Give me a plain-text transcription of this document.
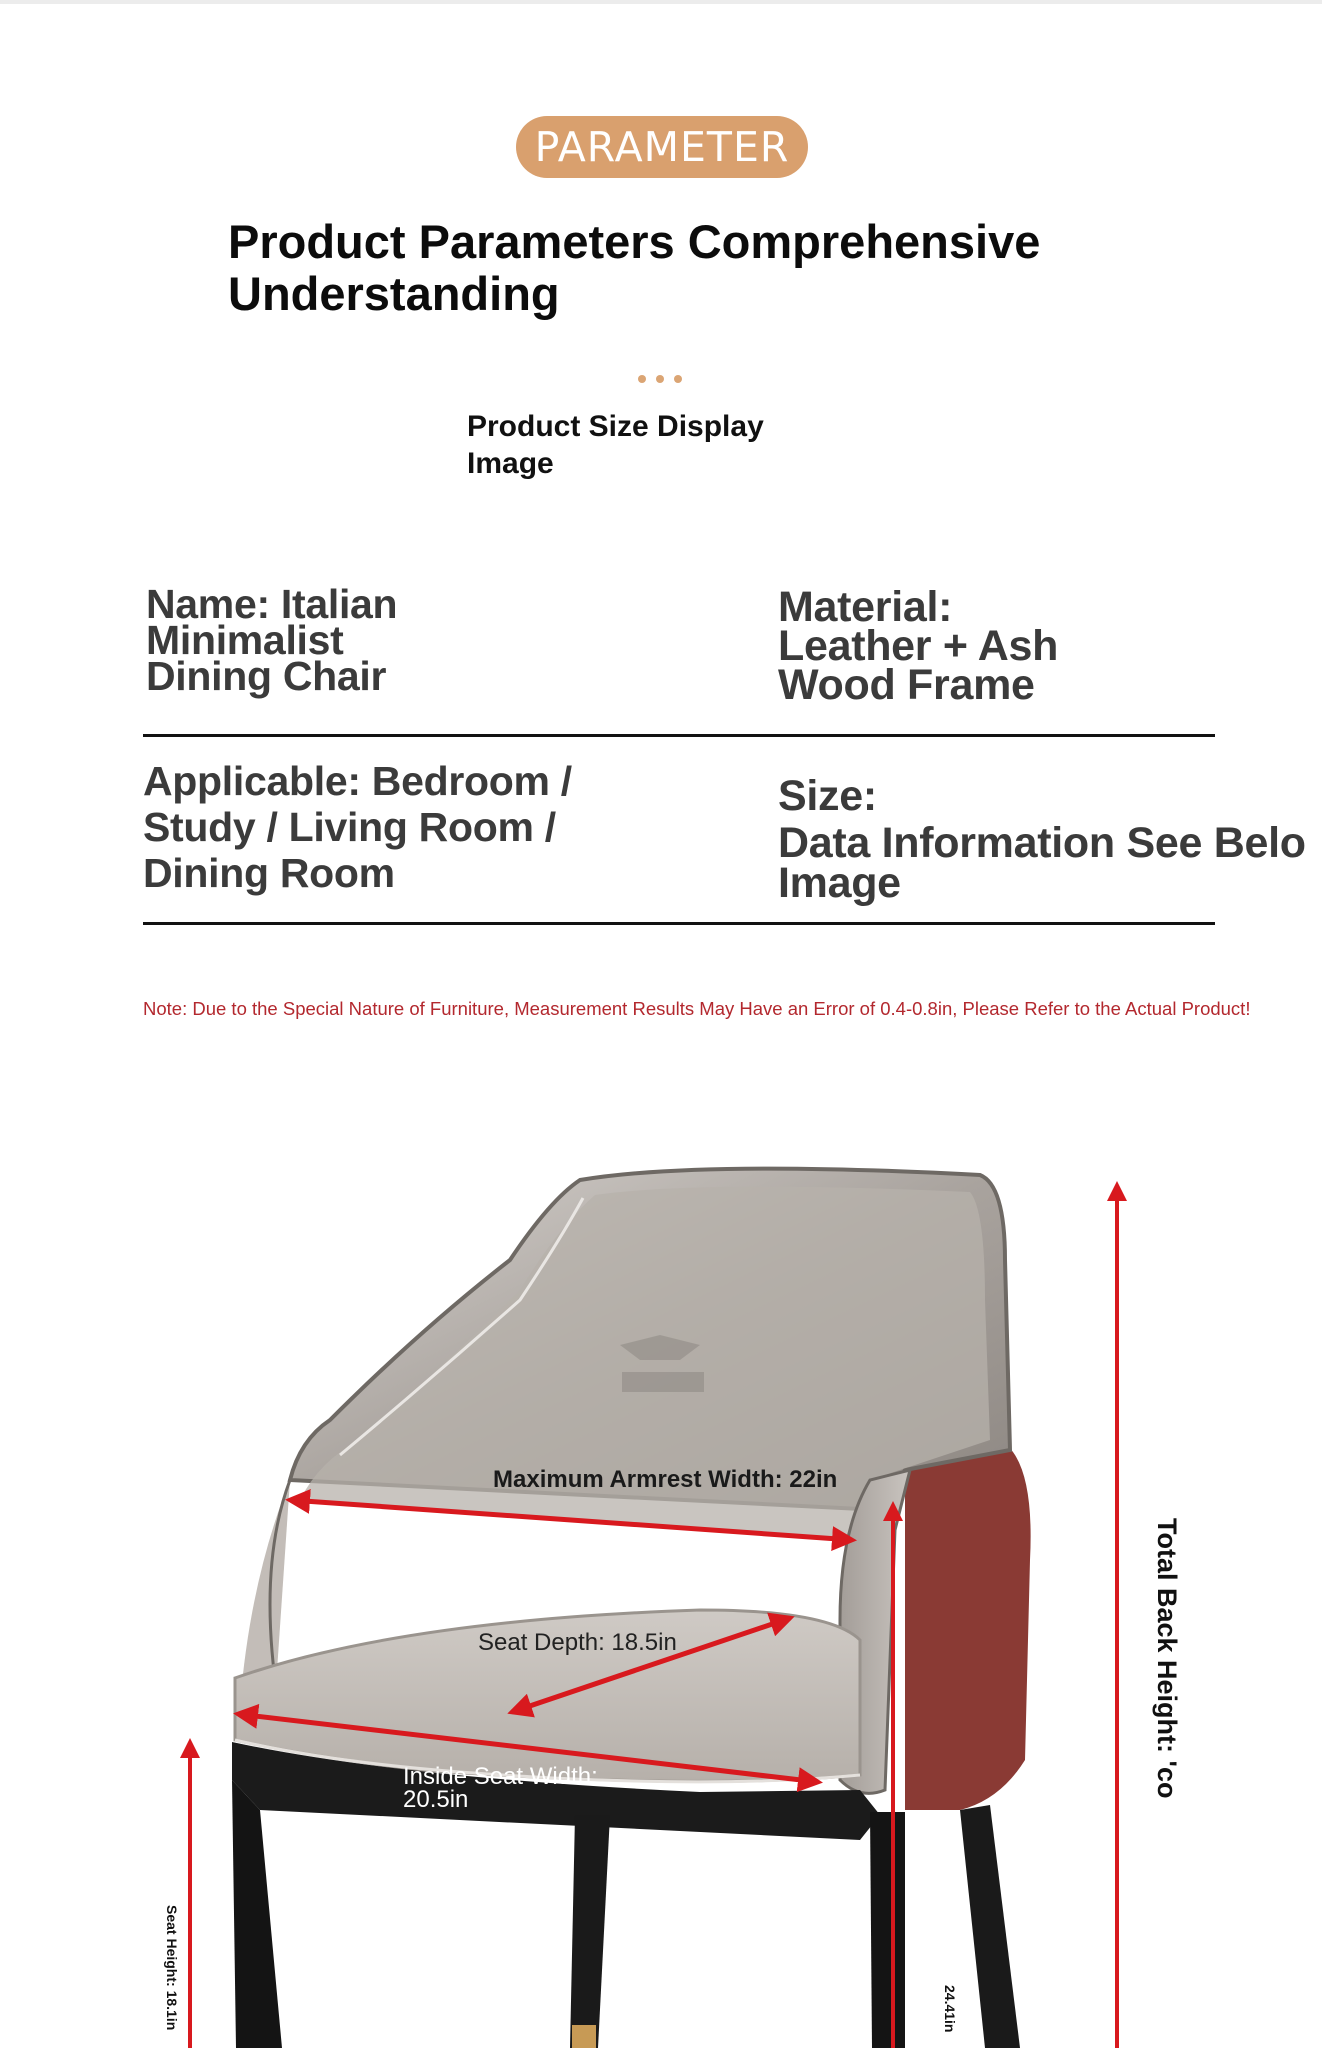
PARAMETER
Product Parameters Comprehensive
Understanding
Product Size Display
Image
Name: Italian
Minimalist
Dining Chair
Material:
Leather + Ash
Wood Frame
Applicable: Bedroom /
Study / Living Room /
Dining Room
Size:
Data Information See Belo
Image
Note: Due to the Special Nature of Furniture, Measurement Results May Have an Error of 0.4-0.8in, Please Refer to the Actual Product!
Maximum Armrest Width: 22in
Seat Depth: 18.5in
Inside Seat Width:
20.5in
Total Back Height: 'co
Seat Height: 18.1in	24.41in
